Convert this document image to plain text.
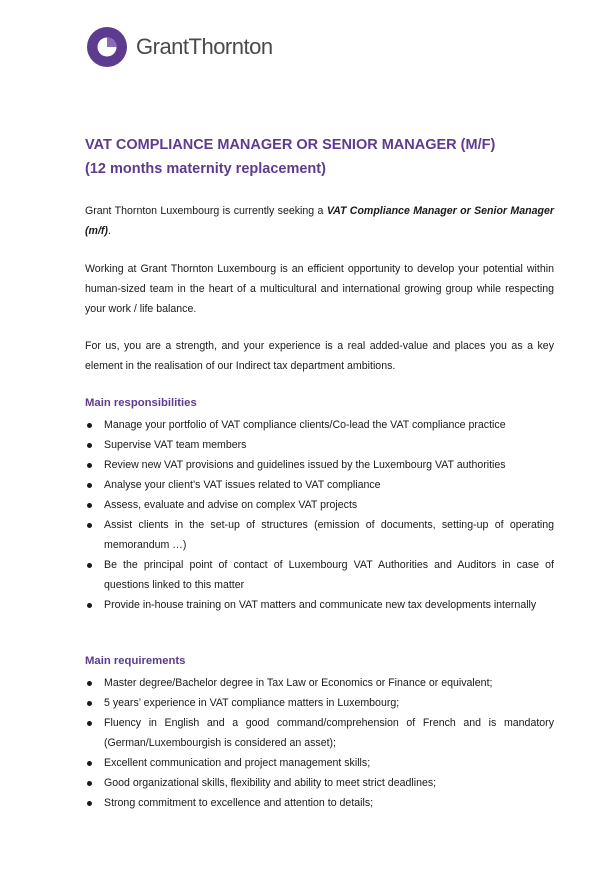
GrantThornton
VAT COMPLIANCE MANAGER OR SENIOR MANAGER (M/F)
(12 months maternity replacement)

Grant Thornton Luxembourg is currently seeking a VAT Compliance Manager or Senior Manager (m/f).

Working at Grant Thornton Luxembourg is an efficient opportunity to develop your potential within human-sized team in the heart of a multicultural and international growing group while respecting your work / life balance.

For us, you are a strength, and your experience is a real added-value and places you as a key element in the realisation of our Indirect tax department ambitions.

Main responsibilities
Manage your portfolio of VAT compliance clients/Co-lead the VAT compliance practice
Supervise VAT team members
Review new VAT provisions and guidelines issued by the Luxembourg VAT authorities
Analyse your client’s VAT issues related to VAT compliance
Assess, evaluate and advise on complex VAT projects
Assist clients in the set-up of structures (emission of documents, setting-up of operating memorandum …)
Be the principal point of contact of Luxembourg VAT Authorities and Auditors in case of questions linked to this matter
Provide in-house training on VAT matters and communicate new tax developments internally
Main requirements
Master degree/Bachelor degree in Tax Law or Economics or Finance or equivalent;
5 years’ experience in VAT compliance matters in Luxembourg;
Fluency in English and a good command/comprehension of French and is mandatory (German/Luxembourgish is considered an asset);
Excellent communication and project management skills;
Good organizational skills, flexibility and ability to meet strict deadlines;
Strong commitment to excellence and attention to details;
